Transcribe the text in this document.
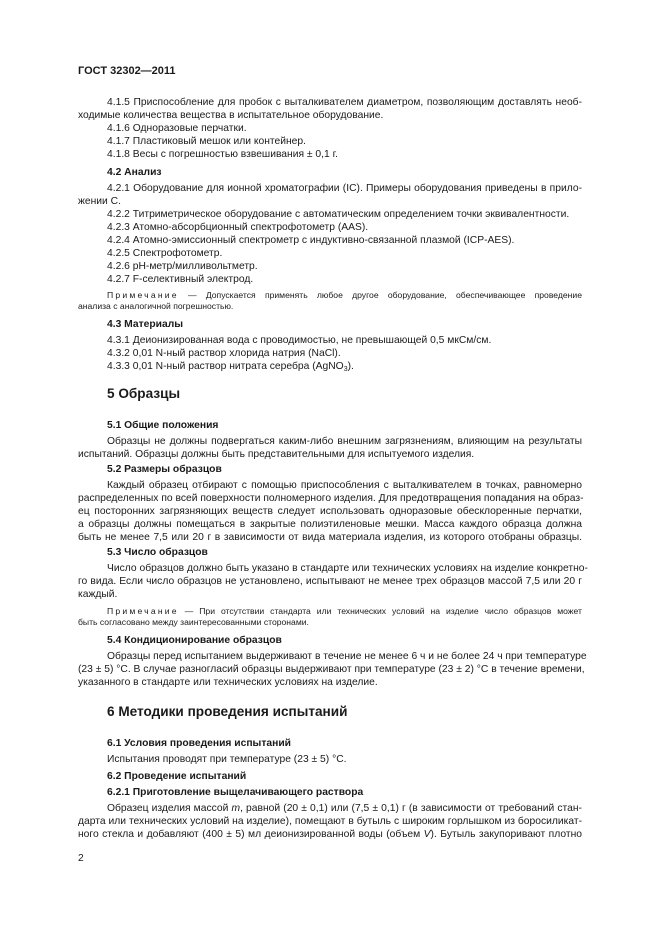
ГОСТ 32302—2011
4.1.5 Приспособление для пробок с выталкивателем диаметром, позволяющим доставлять необ-
ходимые количества вещества в испытательное оборудование.
4.1.6 Одноразовые перчатки.
4.1.7 Пластиковый мешок или контейнер.
4.1.8 Весы с погрешностью взвешивания ± 0,1 г.
4.2 Анализ
4.2.1 Оборудование для ионной хроматографии (IC). Примеры оборудования приведены в прило-
жении С.
4.2.2 Титриметрическое оборудование с автоматическим определением точки эквивалентности.
4.2.3 Атомно-абсорбционный спектрофотометр (AAS).
4.2.4 Атомно-эмиссионный спектрометр с индуктивно-связанной плазмой (ICP-AES).
4.2.5 Спектрофотометр.
4.2.6 рН-метр/милливольтметр.
4.2.7 F-селективный электрод.
Примечание — Допускается применять любое другое оборудование, обеспечивающее проведение
анализа с аналогичной погрешностью.
4.3 Материалы
4.3.1 Деионизированная вода с проводимостью, не превышающей 0,5 мкСм/см.
4.3.2 0,01 N-ный раствор хлорида натрия (NaCl).
4.3.3 0,01 N-ный раствор нитрата серебра (AgNO$_3$).
5 Образцы
5.1 Общие положения
Образцы не должны подвергаться каким-либо внешним загрязнениям, влияющим на результаты
испытаний. Образцы должны быть представительными для испытуемого изделия.
5.2 Размеры образцов
Каждый образец отбирают с помощью приспособления с выталкивателем в точках, равномерно
распределенных по всей поверхности полномерного изделия. Для предотвращения попадания на образ-
ец посторонних загрязняющих веществ следует использовать одноразовые обесклоренные перчатки,
а образцы должны помещаться в закрытые полиэтиленовые мешки. Масса каждого образца должна
быть не менее 7,5 или 20 г в зависимости от вида материала изделия, из которого отобраны образцы.
5.3 Число образцов
Число образцов должно быть указано в стандарте или технических условиях на изделие конкретно-
го вида. Если число образцов не установлено, испытывают не менее трех образцов массой 7,5 или 20 г
каждый.
Примечание — При отсутствии стандарта или технических условий на изделие число образцов может
быть согласовано между заинтересованными сторонами.
5.4 Кондиционирование образцов
Образцы перед испытанием выдерживают в течение не менее 6 ч и не более 24 ч при температуре
(23 ± 5) °С. В случае разногласий образцы выдерживают при температуре (23 ± 2) °С в течение времени,
указанного в стандарте или технических условиях на изделие.
6 Методики проведения испытаний
6.1 Условия проведения испытаний
Испытания проводят при температуре (23 ± 5) °С.
6.2 Проведение испытаний
6.2.1 Приготовление выщелачивающего раствора
Образец изделия массой m, равной (20 ± 0,1) или (7,5 ± 0,1) г (в зависимости от требований стан-
дарта или технических условий на изделие), помещают в бутыль с широким горлышком из боросиликат-
ного стекла и добавляют (400 ± 5) мл деионизированной воды (объем V). Бутыль закупоривают плотно
2
